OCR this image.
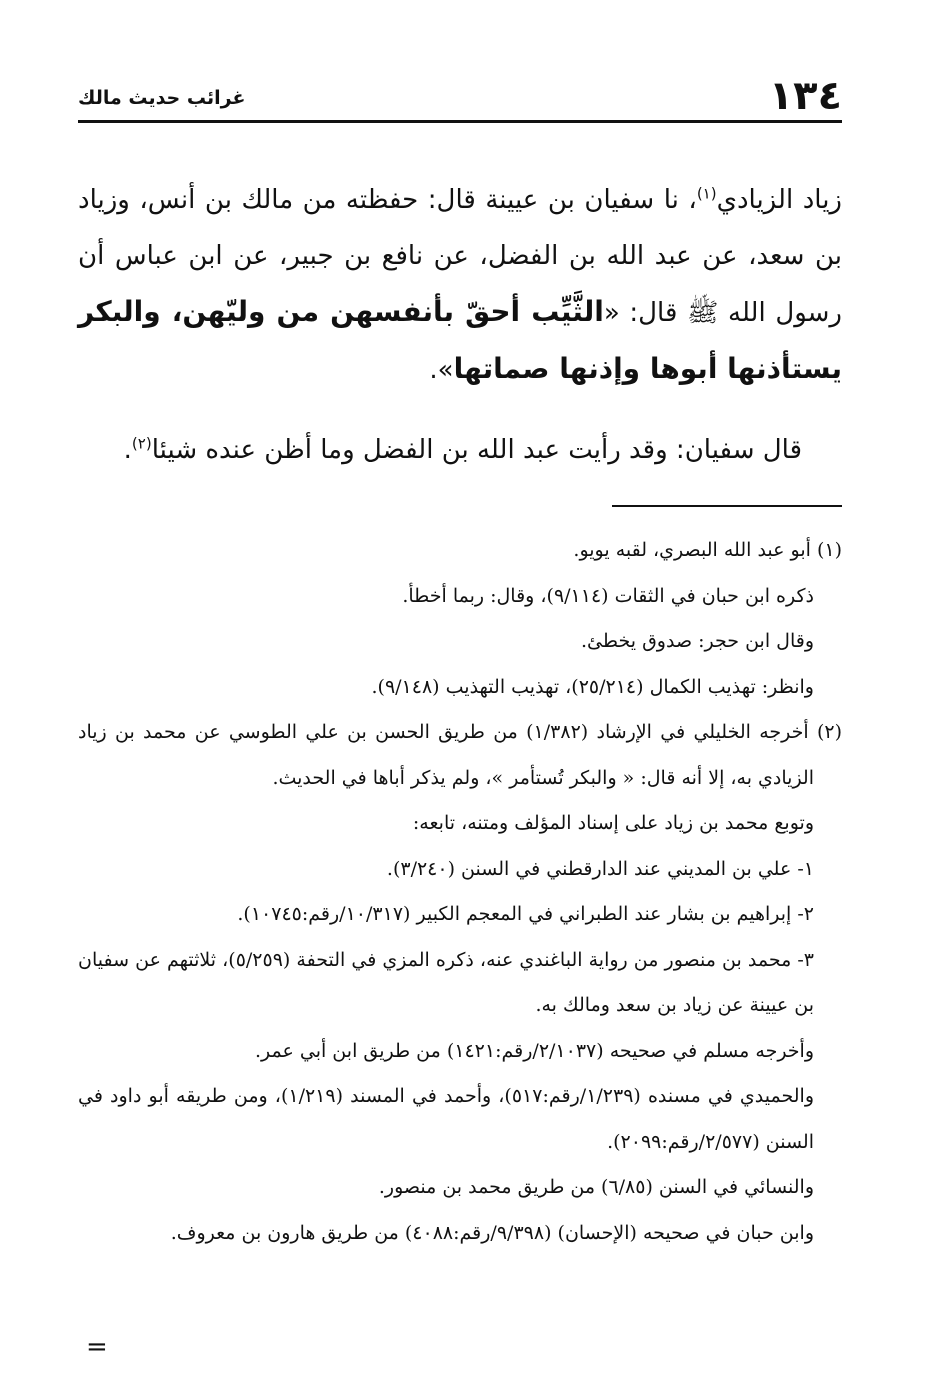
١٣٤
غرائب حديث مالك

زياد الزيادي$^{(١)}$، نا سفيان بن عيينة قال: حفظته من مالك بن أنس، وزياد بن سعد، عن عبد الله بن الفضل، عن نافع بن جبير، عن ابن عباس أن رسول الله ﷺ قال: «الثَّيِّب أحقّ بأنفسهن من وليّهن، والبكر يستأذنها أبوها وإذنها صماتها».

قال سفيان: وقد رأيت عبد الله بن الفضل وما أظن عنده شيئا$^{(٢)}$.

(١) أبو عبد الله البصري، لقبه يويو.

ذكره ابن حبان في الثقات (٩/١١٤)، وقال: ربما أخطأ.

وقال ابن حجر: صدوق يخطئ.

وانظر: تهذيب الكمال (٢٥/٢١٤)، تهذيب التهذيب (٩/١٤٨).

(٢) أخرجه الخليلي في الإرشاد (١/٣٨٢) من طريق الحسن بن علي الطوسي عن محمد بن زياد الزيادي به، إلا أنه قال: « والبكر تُستأمر »، ولم يذكر أباها في الحديث.

وتوبع محمد بن زياد على إسناد المؤلف ومتنه، تابعه:

١- علي بن المديني عند الدارقطني في السنن (٣/٢٤٠).

٢- إبراهيم بن بشار عند الطبراني في المعجم الكبير (١٠/٣١٧/رقم:١٠٧٤٥).

٣- محمد بن منصور من رواية الباغندي عنه، ذكره المزي في التحفة (٥/٢٥٩)، ثلاثتهم عن سفيان بن عيينة عن زياد بن سعد ومالك به.

وأخرجه مسلم في صحيحه (٢/١٠٣٧/رقم:١٤٢١) من طريق ابن أبي عمر.

والحميدي في مسنده (١/٢٣٩/رقم:٥١٧)، وأحمد في المسند (١/٢١٩)، ومن طريقه أبو داود في السنن (٢/٥٧٧/رقم:٢٠٩٩).

والنسائي في السنن (٦/٨٥) من طريق محمد بن منصور.

وابن حبان في صحيحه (الإحسان) (٩/٣٩٨/رقم:٤٠٨٨) من طريق هارون بن معروف.

=
